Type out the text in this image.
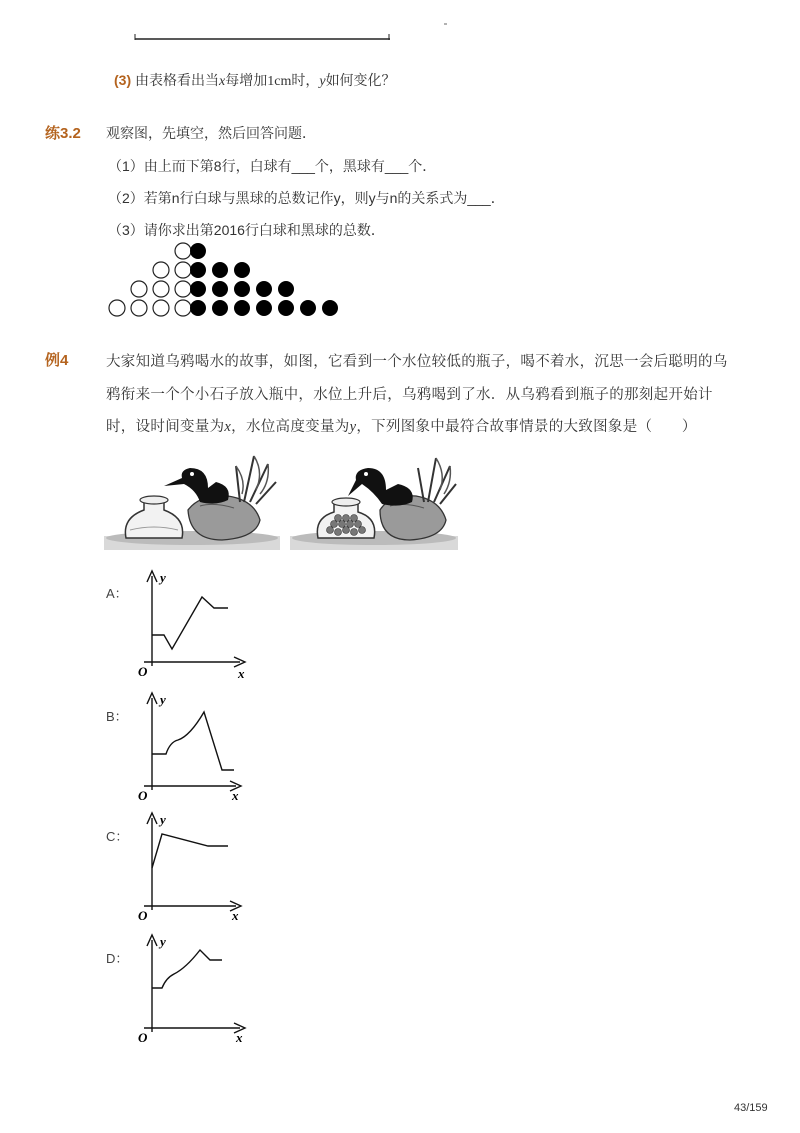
(3) 由表格看出当x每增加1cm时，y如何变化？
练3.2 观察图，先填空，然后回答问题．
（1）由上而下第8行，白球有___个，黑球有___个．
（2）若第n行白球与黑球的总数记作y，则y与n的关系式为___．
（3）请你求出第2016行白球和黑球的总数．
例4	大家知道乌鸦喝水的故事，如图，它看到一个水位较低的瓶子，喝不着水，沉思一会后聪明的乌
鸦衔来一个个小石子放入瓶中，水位上升后，乌鸦喝到了水．从乌鸦看到瓶子的那刻起开始计
时，设时间变量为x，水位高度变量为y，下列图象中最符合故事情景的大致图象是（　　）
A：
y
x
O
B：
y
x
O
C：
y
x
O
D：
y
x
O
43/159
